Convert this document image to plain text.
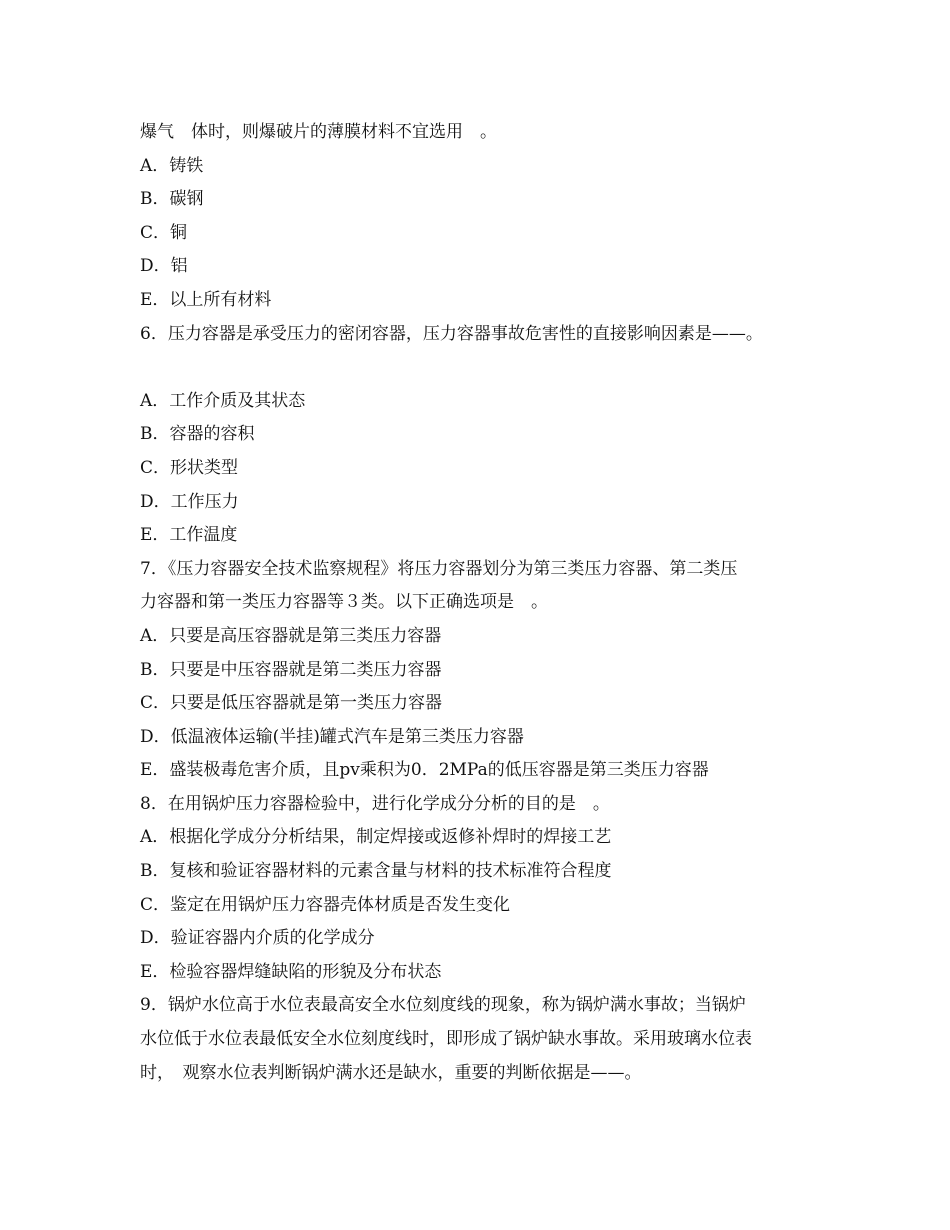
爆气　体时，则爆破片的薄膜材料不宜选用　。
A．铸铁
B．碳钢
C．铜
D．铝
E．以上所有材料
6．压力容器是承受压力的密闭容器，压力容器事故危害性的直接影响因素是——。
A．工作介质及其状态
B．容器的容积
C．形状类型
D．工作压力
E．工作温度
7．《压力容器安全技术监察规程》将压力容器划分为第三类压力容器、第二类压
力容器和第一类压力容器等３类。以下正确选项是　。
A．只要是高压容器就是第三类压力容器
B．只要是中压容器就是第二类压力容器
C．只要是低压容器就是第一类压力容器
D．低温液体运输(半挂)罐式汽车是第三类压力容器
E．盛装极毒危害介质，且pv乘积为0．2MPa的低压容器是第三类压力容器
8．在用锅炉压力容器检验中，进行化学成分分析的目的是　。
A．根据化学成分分析结果，制定焊接或返修补焊时的焊接工艺
B．复核和验证容器材料的元素含量与材料的技术标准符合程度
C．鉴定在用锅炉压力容器壳体材质是否发生变化
D．验证容器内介质的化学成分
E．检验容器焊缝缺陷的形貌及分布状态
9．锅炉水位高于水位表最高安全水位刻度线的现象，称为锅炉满水事故；当锅炉
水位低于水位表最低安全水位刻度线时，即形成了锅炉缺水事故。采用玻璃水位表
时，　观察水位表判断锅炉满水还是缺水，重要的判断依据是——。
